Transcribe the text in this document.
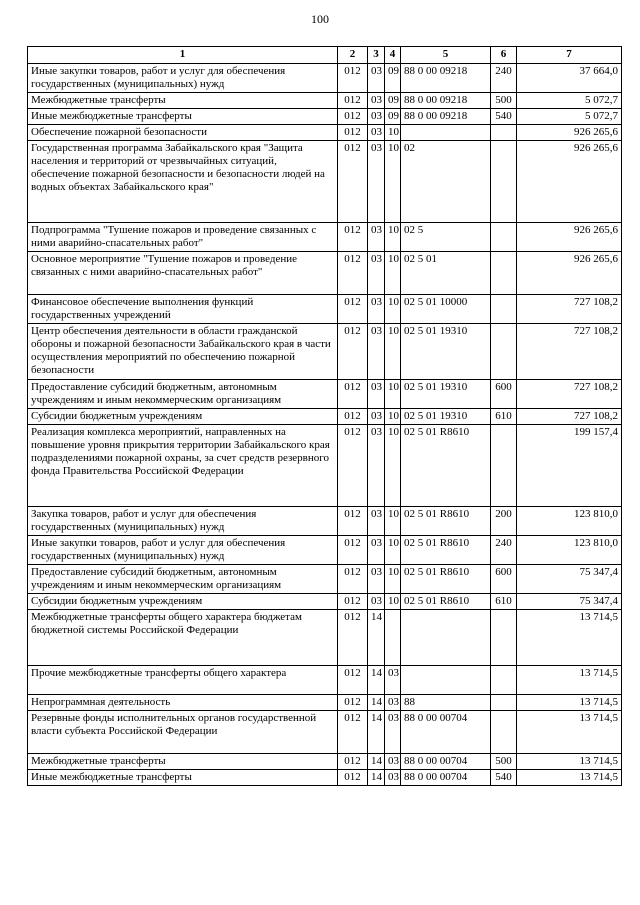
100
1	2	3	4	5	6	7
Иные закупки товаров, работ и услуг для обеспечения государственных (муниципальных) нужд	012	03	09	88 0 00 09218	240	37 664,0
Межбюджетные трансферты	012	03	09	88 0 00 09218	500	5 072,7
Иные межбюджетные трансферты	012	03	09	88 0 00 09218	540	5 072,7
Обеспечение пожарной безопасности	012	03	10			926 265,6
Государственная программа Забайкальского края "Защита населения и территорий от чрезвычайных ситуаций, обеспечение пожарной безопасности и безопасности людей на водных объектах Забайкальского края"	012	03	10	02		926 265,6
Подпрограмма "Тушение пожаров и проведение связанных с ними аварийно-спасательных работ"	012	03	10	02 5		926 265,6
Основное мероприятие "Тушение пожаров и проведение связанных с ними аварийно-спасательных работ"	012	03	10	02 5 01		926 265,6
Финансовое обеспечение выполнения функций государственных учреждений	012	03	10	02 5 01 10000		727 108,2
Центр обеспечения деятельности в области гражданской обороны и пожарной безопасности Забайкальского края в части осуществления мероприятий по обеспечению пожарной безопасности	012	03	10	02 5 01 19310		727 108,2
Предоставление субсидий бюджетным, автономным учреждениям и иным некоммерческим организациям	012	03	10	02 5 01 19310	600	727 108,2
Субсидии бюджетным учреждениям	012	03	10	02 5 01 19310	610	727 108,2
Реализация комплекса мероприятий, направленных на повышение уровня прикрытия территории Забайкальского края подразделениями пожарной охраны, за счет средств резервного фонда Правительства Российской Федерации	012	03	10	02 5 01 R8610		199 157,4
Закупка товаров, работ и услуг для обеспечения государственных (муниципальных) нужд	012	03	10	02 5 01 R8610	200	123 810,0
Иные закупки товаров, работ и услуг для обеспечения государственных (муниципальных) нужд	012	03	10	02 5 01 R8610	240	123 810,0
Предоставление субсидий бюджетным, автономным учреждениям и иным некоммерческим организациям	012	03	10	02 5 01 R8610	600	75 347,4
Субсидии бюджетным учреждениям	012	03	10	02 5 01 R8610	610	75 347,4
Межбюджетные трансферты общего характера бюджетам бюджетной системы Российской Федерации	012	14				13 714,5
Прочие межбюджетные трансферты общего характера	012	14	03			13 714,5
Непрограммная деятельность	012	14	03	88		13 714,5
Резервные фонды исполнительных органов государственной власти субъекта Российской Федерации	012	14	03	88 0 00 00704		13 714,5
Межбюджетные трансферты	012	14	03	88 0 00 00704	500	13 714,5
Иные межбюджетные трансферты	012	14	03	88 0 00 00704	540	13 714,5
